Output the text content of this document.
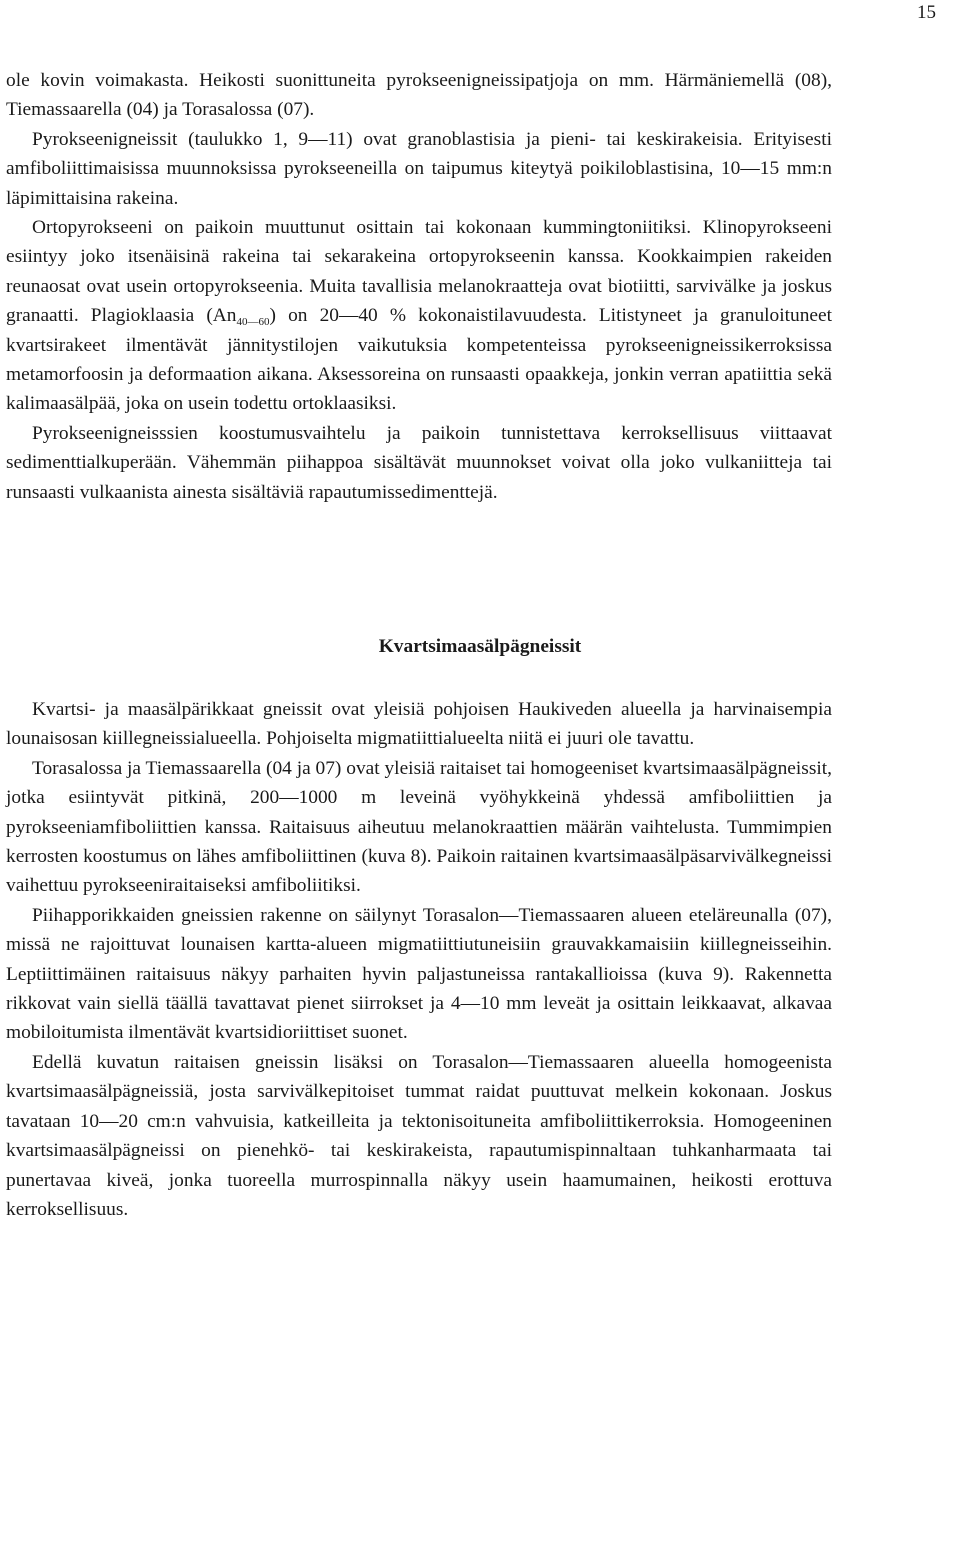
15

ole kovin voimakasta. Heikosti suonittuneita pyrokseenigneissipatjoja on mm. Härmäniemellä (08), Tiemassaarella (04) ja Torasalossa (07).

Pyrokseenigneissit (taulukko 1, 9—11) ovat granoblastisia ja pieni- tai keskirakeisia. Erityisesti amfiboliittimaisissa muunnoksissa pyrokseeneilla on taipumus kiteytyä poikiloblastisina, 10—15 mm:n läpimittaisina rakeina.

Ortopyrokseeni on paikoin muuttunut osittain tai kokonaan kummingtoniitiksi. Klinopyrokseeni esiintyy joko itsenäisinä rakeina tai sekarakeina ortopyrokseenin kanssa. Kookkaimpien rakeiden reunaosat ovat usein ortopyrokseenia. Muita tavallisia melanokraatteja ovat biotiitti, sarvivälke ja joskus granaatti. Plagioklaasia $(An_{40—60})$ on 20—40 % kokonaistilavuudesta. Litistyneet ja granuloituneet kvartsirakeet ilmentävät jännitystilojen vaikutuksia kompetenteissa pyrokseenigneissikerroksissa metamorfoosin ja deformaation aikana. Aksessoreina on runsaasti opaakkeja, jonkin verran apatiittia sekä kalimaasälpää, joka on usein todettu ortoklaasiksi.

Pyrokseenigneisssien koostumusvaihtelu ja paikoin tunnistettava kerroksellisuus viittaavat sedimenttialkuperään. Vähemmän piihappoa sisältävät muunnokset voivat olla joko vulkaniitteja tai runsaasti vulkaanista ainesta sisältäviä rapautumissedimenttejä.

Kvartsimaasälpägneissit

Kvartsi- ja maasälpärikkaat gneissit ovat yleisiä pohjoisen Haukiveden alueella ja harvinaisempia lounaisosan kiillegneissialueella. Pohjoiselta migmatiittialueelta niitä ei juuri ole tavattu.

Torasalossa ja Tiemassaarella (04 ja 07) ovat yleisiä raitaiset tai homogeeniset kvartsimaasälpägneissit, jotka esiintyvät pitkinä, 200—1000 m leveinä vyöhykkeinä yhdessä amfiboliittien ja pyrokseeniamfiboliittien kanssa. Raitaisuus aiheutuu melanokraattien määrän vaihtelusta. Tummimpien kerrosten koostumus on lähes amfiboliittinen (kuva 8). Paikoin raitainen kvartsimaasälpäsarvivälkegneissi vaihettuu pyrokseeniraitaiseksi amfiboliitiksi.

Piihapporikkaiden gneissien rakenne on säilynyt Torasalon—Tiemassaaren alueen eteläreunalla (07), missä ne rajoittuvat lounaisen kartta-alueen migmatiittiutuneisiin grauvakkamaisiin kiillegneisseihin. Leptiittimäinen raitaisuus näkyy parhaiten hyvin paljastuneissa rantakallioissa (kuva 9). Rakennetta rikkovat vain siellä täällä tavattavat pienet siirrokset ja 4—10 mm leveät ja osittain leikkaavat, alkavaa mobiloitumista ilmentävät kvartsidioriittiset suonet.

Edellä kuvatun raitaisen gneissin lisäksi on Torasalon—Tiemassaaren alueella homogeenista kvartsimaasälpägneissiä, josta sarvivälkepitoiset tummat raidat puuttuvat melkein kokonaan. Joskus tavataan 10—20 cm:n vahvuisia, katkeilleita ja tektonisoituneita amfiboliittikerroksia. Homogeeninen kvartsimaasälpägneissi on pienehkö- tai keskirakeista, rapautumispinnaltaan tuhkanharmaata tai punertavaa kiveä, jonka tuoreella murrospinnalla näkyy usein haamumainen, heikosti erottuva kerroksellisuus.
